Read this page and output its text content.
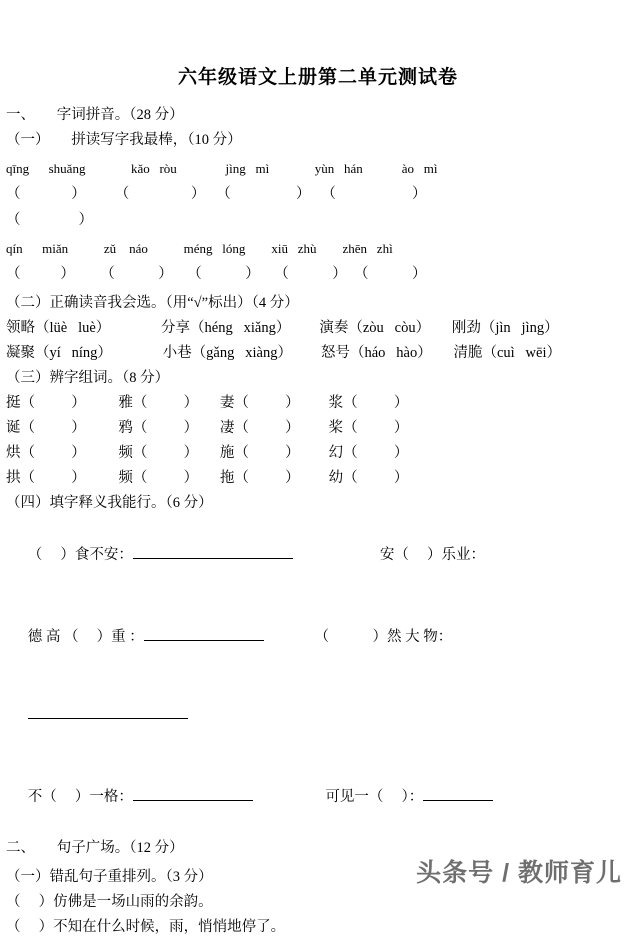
六年级语文上册第二单元测试卷
一、　　字词拼音。（28 分）
（一）　　拼读写字我最棒，（10 分）
qīng      shuǎng              kǎo   ròu               jìng   mì              yùn   hán            ào   mì
（              ）        （                 ）   （                  ）   （                     ）
（                ）
qín      miǎn           zǔ    náo           méng   lóng        xiū   zhù        zhēn   zhì
（           ）       （            ）    （            ）    （            ）  （            ）
（二）正确读音我会选。（用“√”标出）（4 分）
领略（lüè   luè）              分享（héng   xiǎng）        演奏（zòu   còu）      刚劲（jìn   jìng）
凝聚（yí   níng）              小巷（gǎng   xiàng）        怒号（háo   hào）      清脆（cuì   wēi）
（三）辨字组词。（8 分）
挺（          ）         雅（          ）      妻（          ）        浆（          ）
诞（          ）         鸦（          ）      凄（          ）        桨（          ）
烘（          ）         频（          ）      施（          ）        幻（          ）
拱（          ）         频（          ）      拖（          ）        幼（          ）
（四）填字释义我能行。（6 分）

（     ）食不安：　　　　　　	安（     ）乐业：

德 高 （     ）重 ：　　　　	（            ）然 大 物：

不（     ）一格：　　　　　	可见一（     ）：

二、　　句子广场。（12 分）
（一）错乱句子重排列。（3 分）
（     ）仿佛是一场山雨的余韵。
（     ）不知在什么时候，雨，悄悄地停了。
头条号 / 教师育儿
